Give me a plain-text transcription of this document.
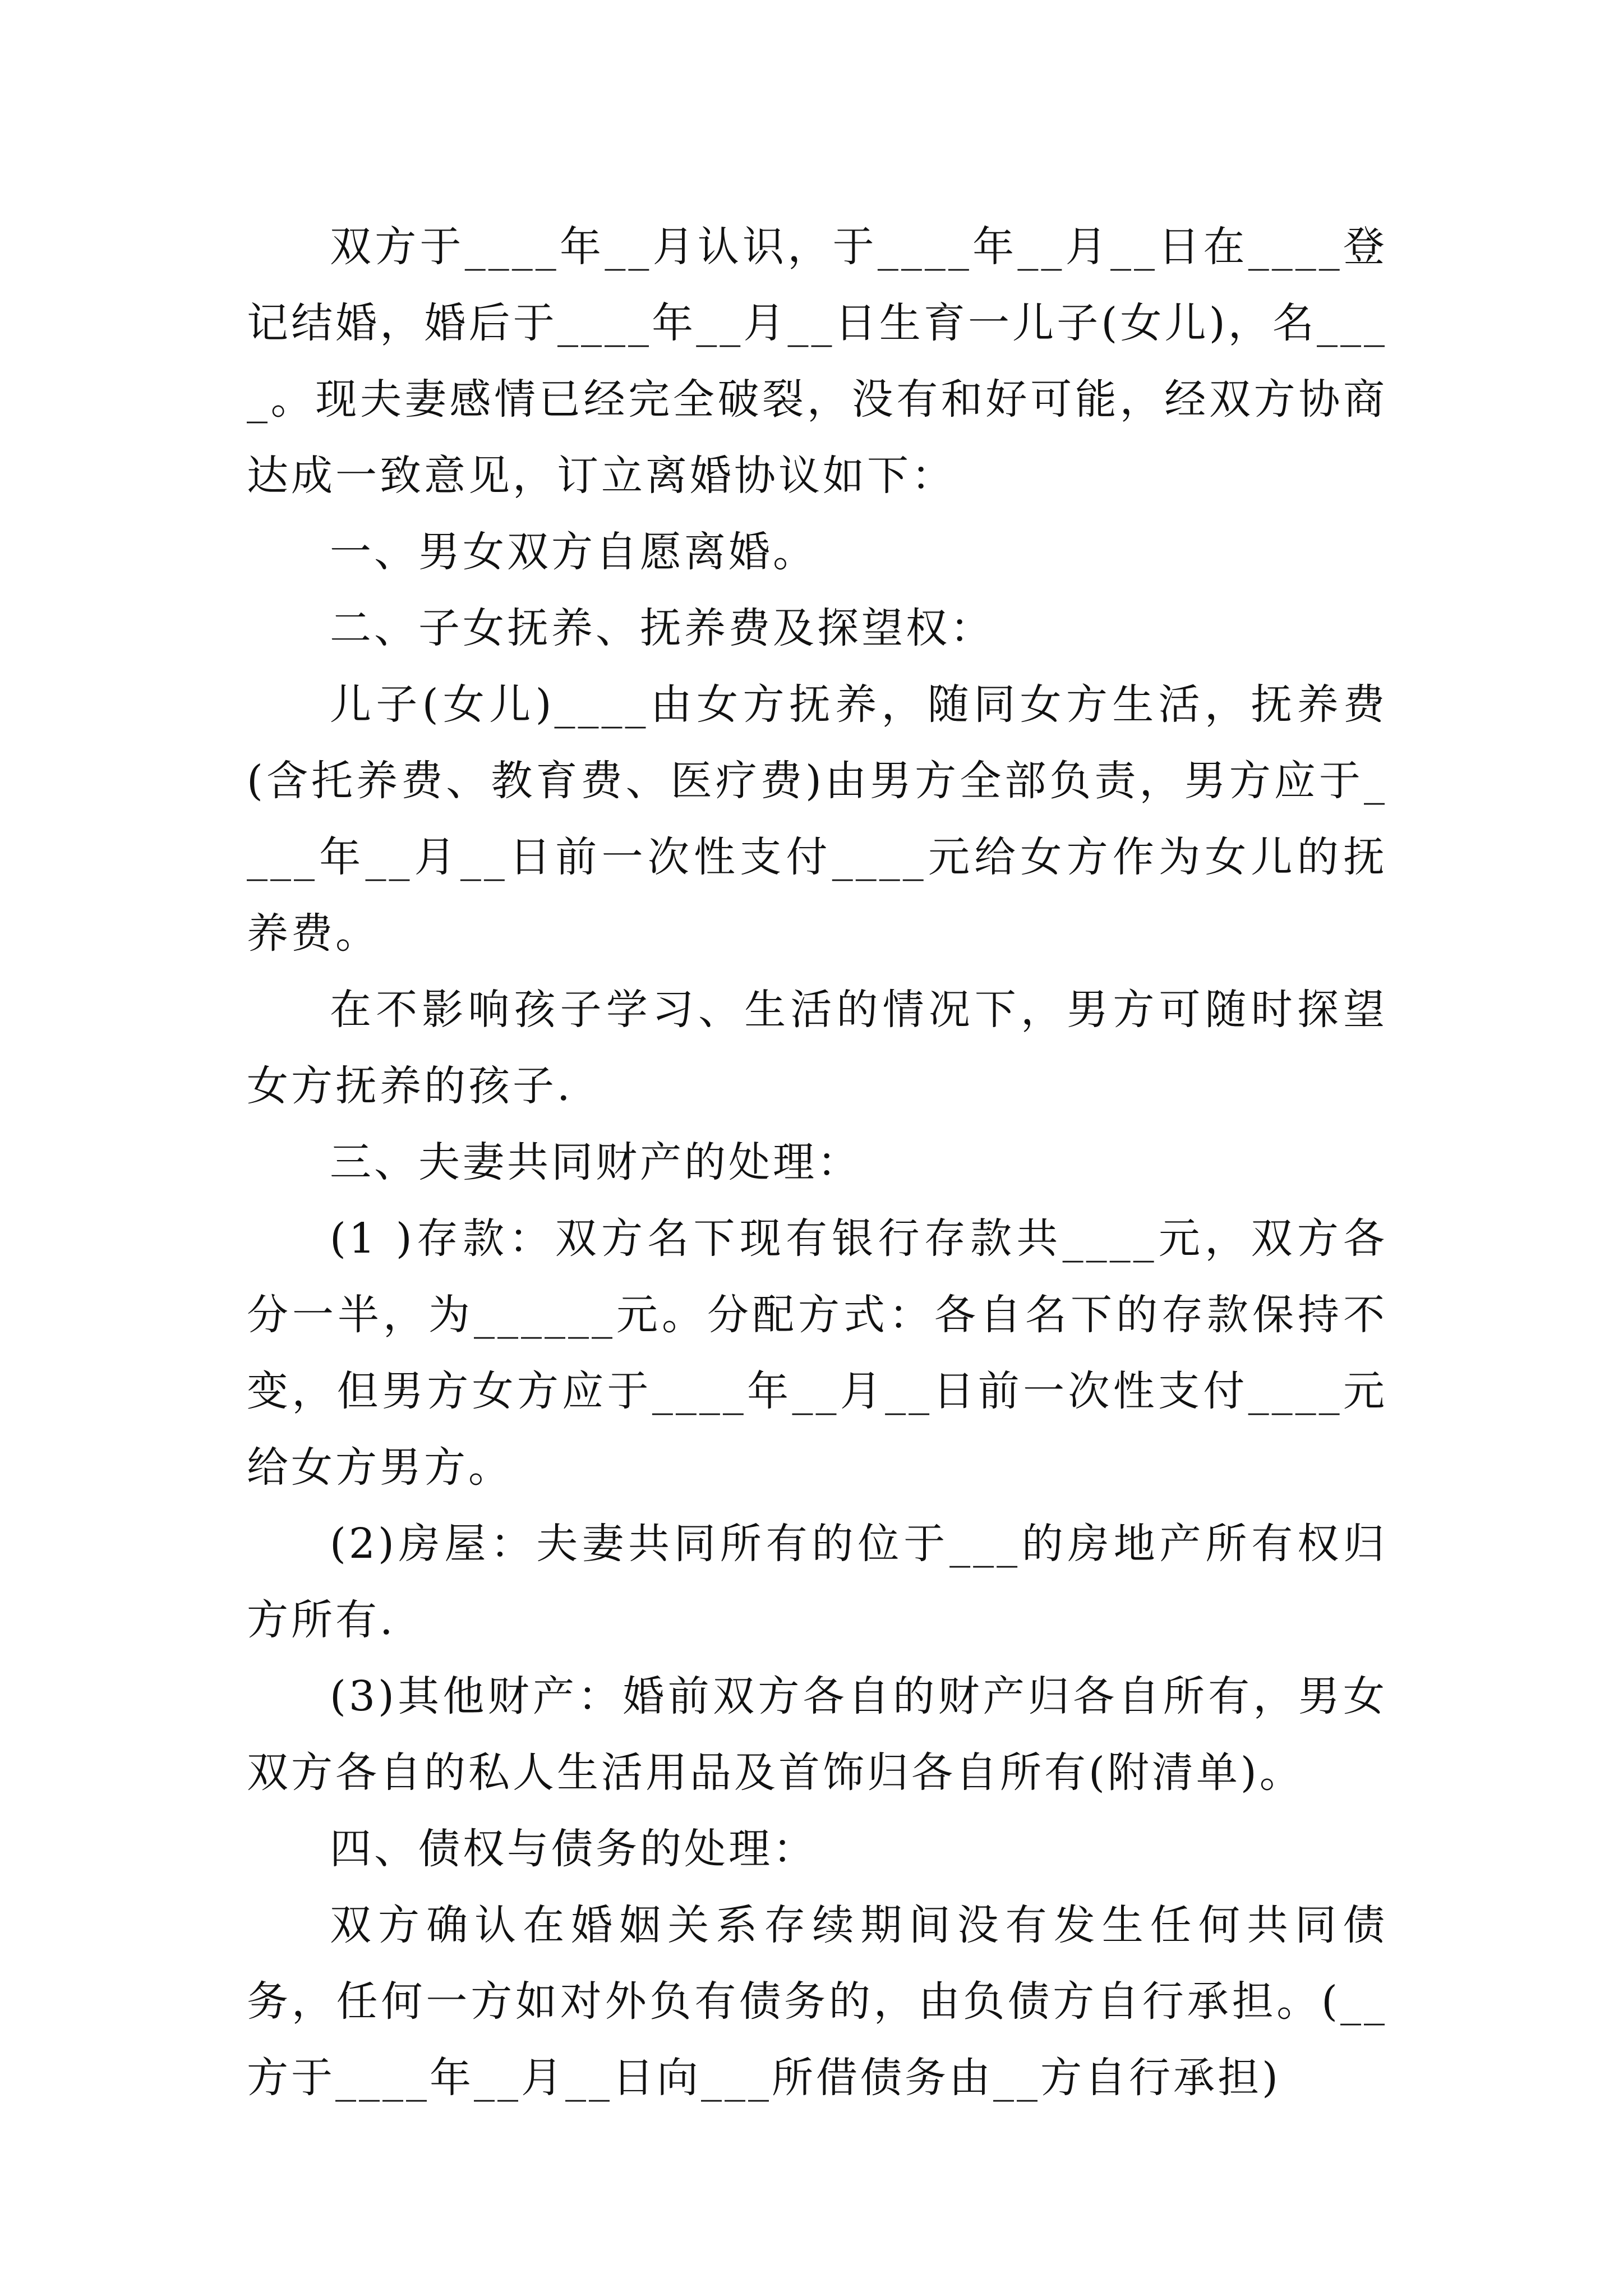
双方于____年__月认识，于____年__月__日在____登记结婚，婚后于____年__月__日生育一儿子(女儿)，名____。现夫妻感情已经完全破裂，没有和好可能，经双方协商达成一致意见，订立离婚协议如下：

一、男女双方自愿离婚。

二、子女抚养、抚养费及探望权：

儿子(女儿)____由女方抚养，随同女方生活，抚养费(含托养费、教育费、医疗费)由男方全部负责，男方应于____年__月__日前一次性支付____元给女方作为女儿的抚养费。

在不影响孩子学习、生活的情况下，男方可随时探望女方抚养的孩子.

三、夫妻共同财产的处理：

(1 )存款：双方名下现有银行存款共____元，双方各分一半，为______元。分配方式：各自名下的存款保持不变，但男方女方应于____年__月__日前一次性支付____元给女方男方。

(2)房屋：夫妻共同所有的位于___的房地产所有权归方所有.

(3)其他财产：婚前双方各自的财产归各自所有，男女双方各自的私人生活用品及首饰归各自所有(附清单)。

四、债权与债务的处理：

双方确认在婚姻关系存续期间没有发生任何共同债务，任何一方如对外负有债务的，由负债方自行承担。(__方于____年__月__日向___所借债务由__方自行承担)
